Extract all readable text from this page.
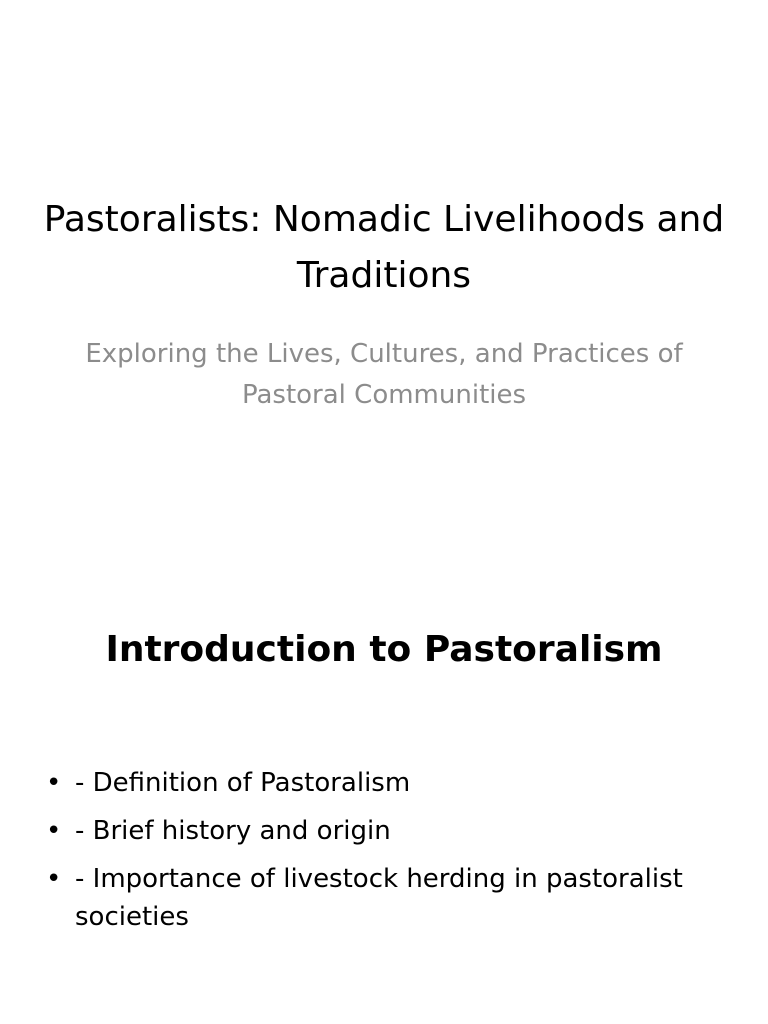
Pastoralists: Nomadic Livelihoods and Traditions

Exploring the Lives, Cultures, and Practices of Pastoral Communities

Introduction to Pastoralism
• - Definition of Pastoralism
• - Brief history and origin
• - Importance of livestock herding in pastoralist societies
